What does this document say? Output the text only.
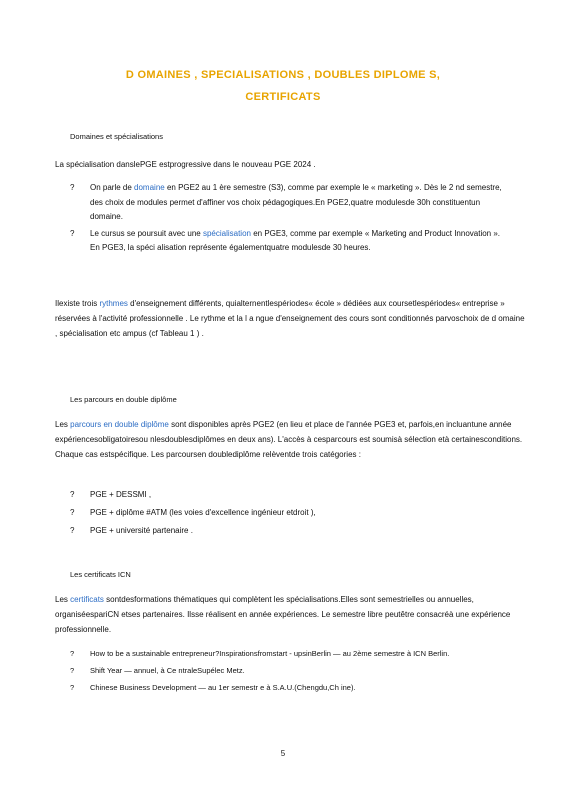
D OMAINES , SPECIALISATIONS , DOUBLES DIPLOME S,
CERTIFICATS
Domaines et spécialisations
La spécialisation danslePGE estprogressive dans le nouveau PGE 2024 .
?	On parle de domaine en PGE2 au 1 ère semestre (S3), comme par exemple le « marketing ». Dès le 2 nd semestre, des choix de modules permet d'affiner vos choix pédagogiques.En PGE2,quatre modulesde 30h constituentun domaine.
?	Le cursus se poursuit avec une spécialisation en PGE3, comme par exemple « Marketing and Product Innovation ». En PGE3, la spéci alisation représente égalementquatre modulesde 30 heures.
Ilexiste trois rythmes d'enseignement différents, quialternentlespériodes« école » dédiées aux coursetlespériodes« entreprise » réservées à l'activité professionnelle . Le rythme et la l a ngue d'enseignement des cours sont conditionnés parvoschoix de d omaine , spécialisation etc ampus (cf Tableau 1 ) .
Les parcours en double diplôme
Les parcours en double diplôme sont disponibles après PGE2 (en lieu et place de l'année PGE3 et, parfois,en incluantune année expériencesobligatoiresou nlesdoublesdiplômes en deux ans). L'accès à cesparcours est soumisà sélection età certainesconditions. Chaque cas estspécifique. Les parcoursen doublediplôme relèventde trois catégories :
?	PGE + DESSMI ,
?	PGE + diplôme #ATM (les voies d'excellence ingénieur etdroit ),
?	PGE + université partenaire .
Les certificats ICN
Les certificats sontdesformations thématiques qui complètent les spécialisations.Elles sont semestrielles ou annuelles, organiséespariCN etses partenaires. Ilsse réalisent en année expériences. Le semestre libre peutêtre consacréà une expérience professionnelle.
?	How to be a sustainable entrepreneur?Inspirationsfromstart - upsinBerlin — au 2ème semestre à ICN Berlin.
?	Shift Year — annuel, à Ce ntraleSupélec Metz.
?	Chinese Business Development — au 1er semestr e à S.A.U.(Chengdu,Ch ine).
5
